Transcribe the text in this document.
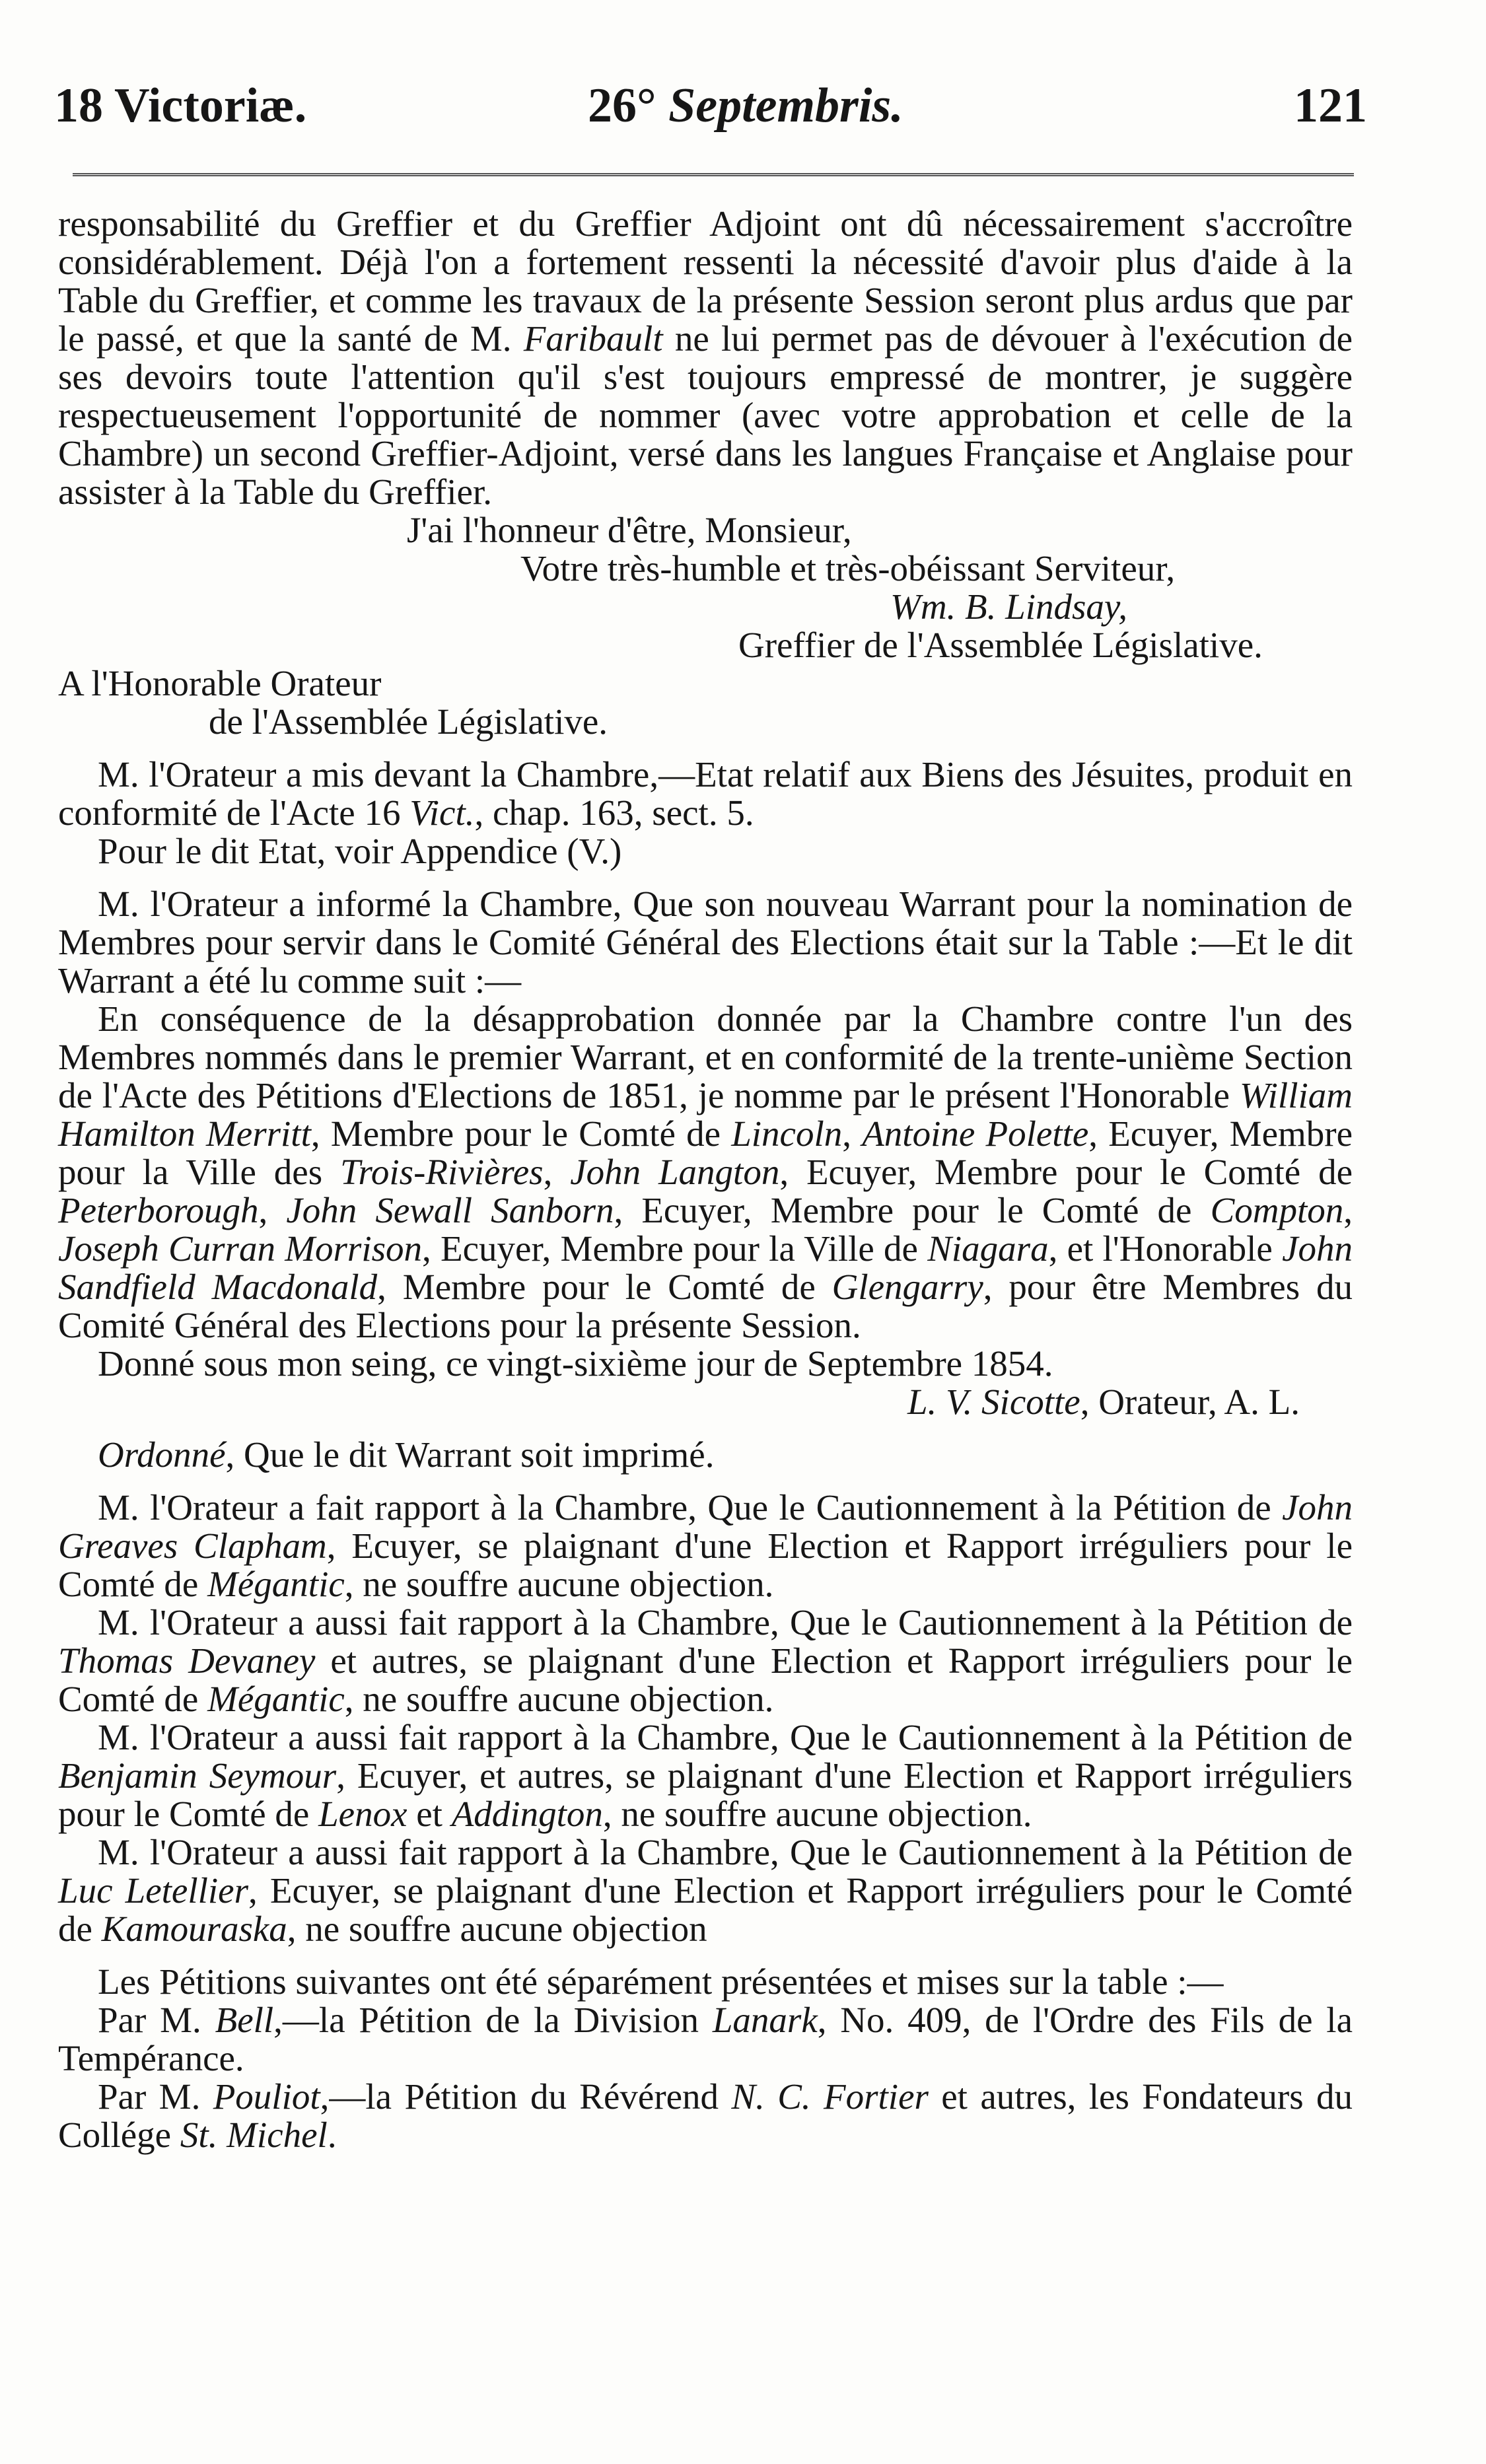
18 Victoriæ.	26° Septembris.	121

responsabilité du Greffier et du Greffier Adjoint ont dû nécessairement s'accroître considérablement. Déjà l'on a fortement ressenti la nécessité d'avoir plus d'aide à la Table du Greffier, et comme les travaux de la présente Session seront plus ardus que par le passé, et que la santé de M. Faribault ne lui permet pas de dévouer à l'exécution de ses devoirs toute l'attention qu'il s'est toujours empressé de montrer, je suggère respectueusement l'opportunité de nommer (avec votre approbation et celle de la Chambre) un second Greffier-Adjoint, versé dans les langues Française et Anglaise pour assister à la Table du Greffier.

J'ai l'honneur d'être, Monsieur,

Votre très-humble et très-obéissant Serviteur,

Wm. B. Lindsay,

Greffier de l'Assemblée Législative.

A l'Honorable Orateur

de l'Assemblée Législative.

M. l'Orateur a mis devant la Chambre,—Etat relatif aux Biens des Jésuites, produit en conformité de l'Acte 16 Vict., chap. 163, sect. 5.

Pour le dit Etat, voir Appendice (V.)

M. l'Orateur a informé la Chambre, Que son nouveau Warrant pour la nomination de Membres pour servir dans le Comité Général des Elections était sur la Table :—Et le dit Warrant a été lu comme suit :—

En conséquence de la désapprobation donnée par la Chambre contre l'un des Membres nommés dans le premier Warrant, et en conformité de la trente-unième Section de l'Acte des Pétitions d'Elections de 1851, je nomme par le présent l'Honorable William Hamilton Merritt, Membre pour le Comté de Lincoln, Antoine Polette, Ecuyer, Membre pour la Ville des Trois-Rivières, John Langton, Ecuyer, Membre pour le Comté de Peterborough, John Sewall Sanborn, Ecuyer, Membre pour le Comté de Compton, Joseph Curran Morrison, Ecuyer, Membre pour la Ville de Niagara, et l'Honorable John Sandfield Macdonald, Membre pour le Comté de Glengarry, pour être Membres du Comité Général des Elections pour la présente Session.

Donné sous mon seing, ce vingt-sixième jour de Septembre 1854.

L. V. Sicotte, Orateur, A. L.

Ordonné, Que le dit Warrant soit imprimé.

M. l'Orateur a fait rapport à la Chambre, Que le Cautionnement à la Pétition de John Greaves Clapham, Ecuyer, se plaignant d'une Election et Rapport irréguliers pour le Comté de Mégantic, ne souffre aucune objection.

M. l'Orateur a aussi fait rapport à la Chambre, Que le Cautionnement à la Pétition de Thomas Devaney et autres, se plaignant d'une Election et Rapport irréguliers pour le Comté de Mégantic, ne souffre aucune objection.

M. l'Orateur a aussi fait rapport à la Chambre, Que le Cautionnement à la Pétition de Benjamin Seymour, Ecuyer, et autres, se plaignant d'une Election et Rapport irréguliers pour le Comté de Lenox et Addington, ne souffre aucune objection.

M. l'Orateur a aussi fait rapport à la Chambre, Que le Cautionnement à la Pétition de Luc Letellier, Ecuyer, se plaignant d'une Election et Rapport irréguliers pour le Comté de Kamouraska, ne souffre aucune objection

Les Pétitions suivantes ont été séparément présentées et mises sur la table :—

Par M. Bell,—la Pétition de la Division Lanark, No. 409, de l'Ordre des Fils de la Tempérance.

Par M. Pouliot,—la Pétition du Révérend N. C. Fortier et autres, les Fondateurs du Collége St. Michel.
